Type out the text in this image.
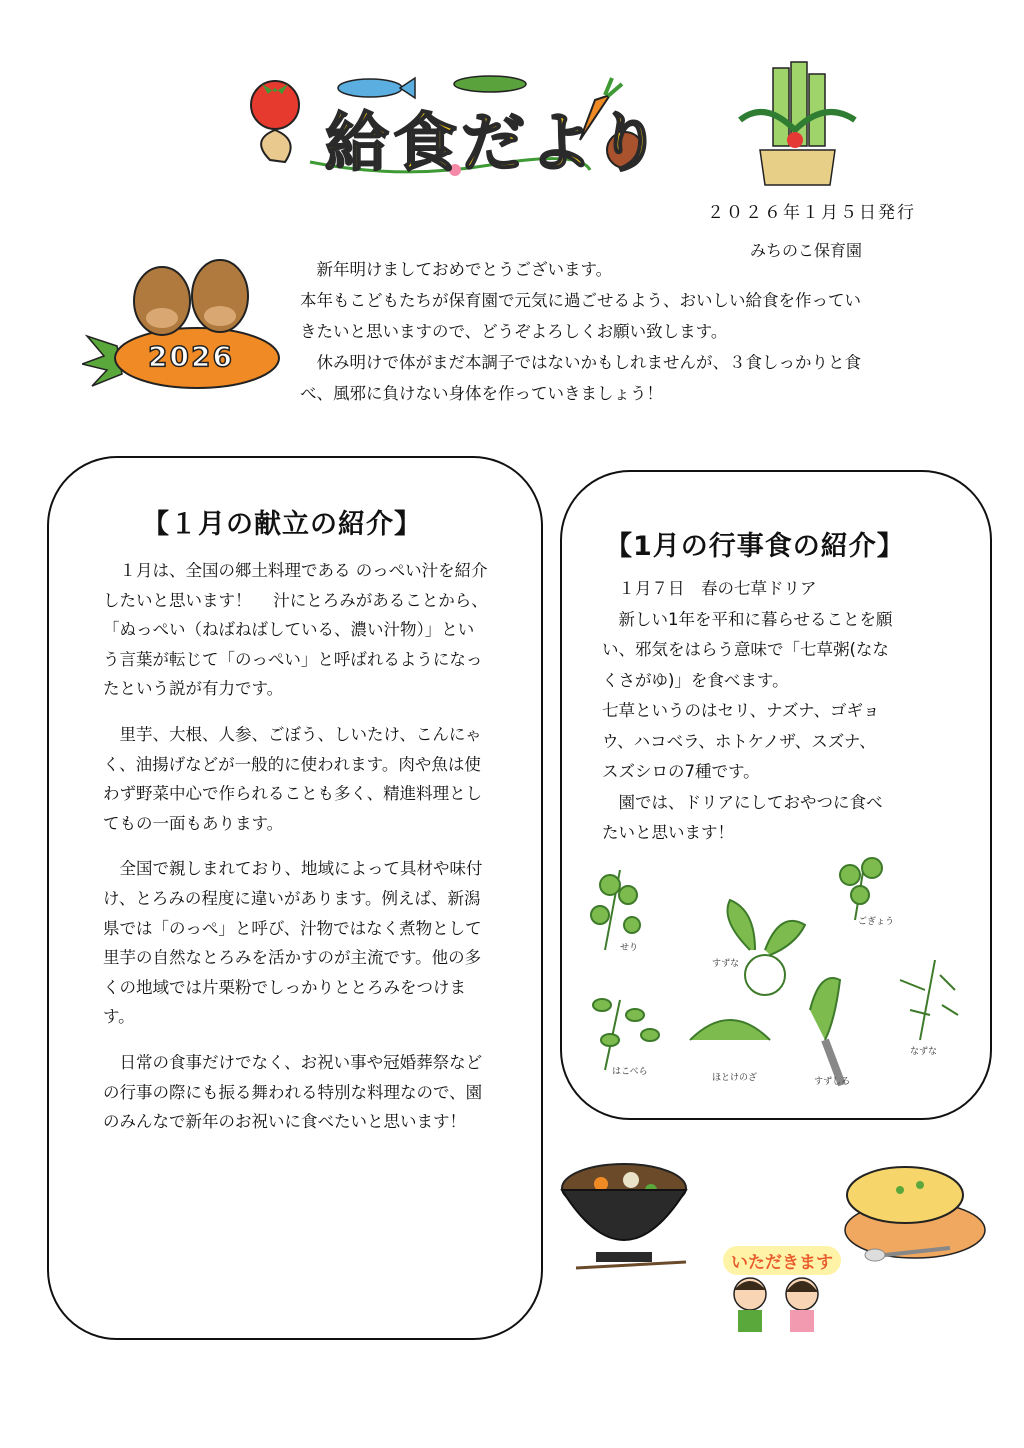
給食だより
２０２６年１月５日発行
みちのこ保育園
2026

　新年明けましておめでとうございます。

本年もこどもたちが保育園で元気に過ごせるよう、おいしい給食を作ってい

きたいと思いますので、どうぞよろしくお願い致します。

　休み明けで体がまだ本調子ではないかもしれませんが、３食しっかりと食

べ、風邪に負けない身体を作っていきましょう！

【１月の献立の紹介】

　１月は、全国の郷土料理である のっぺい汁を紹介したいと思います！ 　汁にとろみがあることから、「ぬっぺい（ねばねばしている、濃い汁物）」という言葉が転じて「のっぺい」と呼ばれるようになったという説が有力です。

　里芋、大根、人参、ごぼう、しいたけ、こんにゃく、油揚げなどが一般的に使われます。肉や魚は使わず野菜中心で作られることも多く、精進料理としてもの一面もあります。

　全国で親しまれており、地域によって具材や味付け、とろみの程度に違いがあります。例えば、新潟県では「のっぺ」と呼び、汁物ではなく煮物として里芋の自然なとろみを活かすのが主流です。他の多くの地域では片栗粉でしっかりととろみをつけます。

　日常の食事だけでなく、お祝い事や冠婚葬祭などの行事の際にも振る舞われる特別な料理なので、園のみんなで新年のお祝いに食べたいと思います！

【1月の行事食の紹介】

　１月７日　春の七草ドリア

　新しい1年を平和に暮らせることを願

い、邪気をはらう意味で「七草粥(なな

くさがゆ)」を食べます。

七草というのはセリ、ナズナ、ゴギョ

ウ、ハコベラ、ホトケノザ、スズナ、

スズシロの7種です。

　園では、ドリアにしておやつに食べ

たいと思います！

せり
すずな
ごぎょう
はこべら
ほとけのざ	すずしろ
なずな
いただきます
